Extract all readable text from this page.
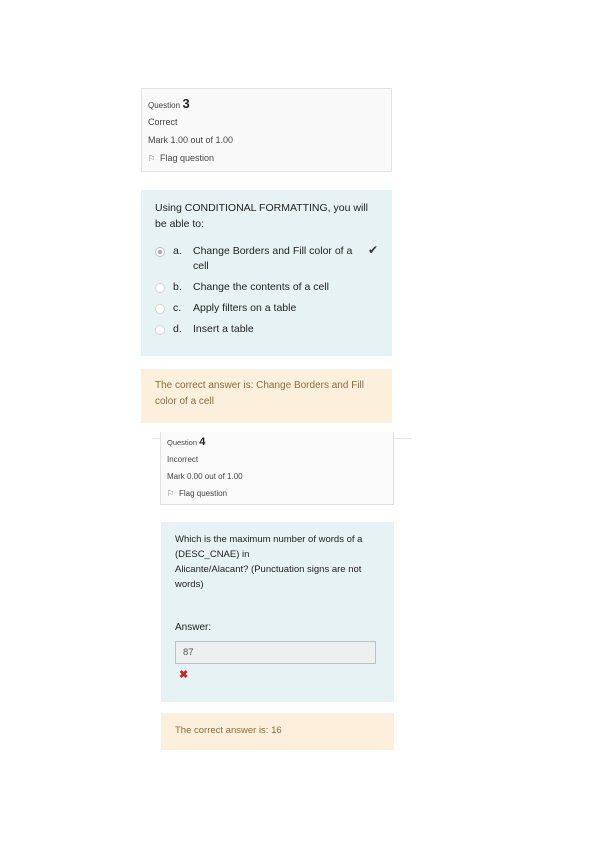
Question 3
Correct
Mark 1.00 out of 1.00
⚐ Flag question
Using CONDITIONAL FORMATTING, you will be able to:
a.	Change Borders and Fill color of a cell
✔
b.	Change the contents of a cell
c.	Apply filters on a table
d.	Insert a table
The correct answer is: Change Borders and Fill color of a cell
Question 4
Incorrect
Mark 0.00 out of 1.00
⚐ Flag question
Which is the maximum number of words of a (DESC_CNAE) in
Alicante/Alacant? (Punctuation signs are not words)
Answer:
87
✖
The correct answer is: 16
